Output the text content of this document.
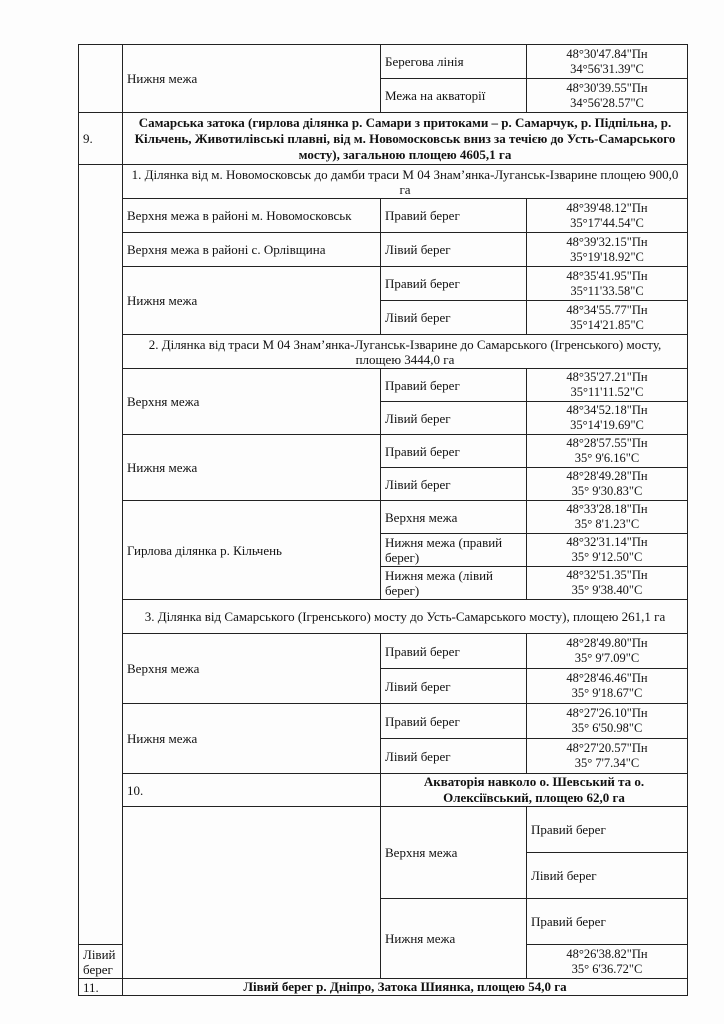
	Нижня межа	Берегова лінія	48°30'47.84"Пн
34°56'31.39"С	

		Межа на акваторії	48°30'39.55"Пн
34°56'28.57"С	

9.	Самарська затока (гирлова ділянка р. Самари з притоками – р. Самарчук, р. Підпільна, р. Кільчень, Животилівські плавні, від м. Новомосковськ вниз за течією до Усть-Самарського мосту), загальною площею 4605,1 га			
	1. Ділянка від м. Новомосковськ до дамби траси М 04 Знам’янка-Луганськ-Ізварине площею 900,0 га			
	Верхня межа в районі м. Новомосковськ	Правий берег	48°39'48.12"Пн
35°17'44.54"С	

	Верхня межа в районі с. Орлівщина	Лівий берег	48°39'32.15"Пн
35°19'18.92"С	

	Нижня межа	Правий берег	48°35'41.95"Пн
35°11'33.58"С	

		Лівий берег	48°34'55.77"Пн
35°14'21.85"С	

	2. Ділянка від траси М 04 Знам’янка-Луганськ-Ізварине до Самарського (Ігренського) мосту, площею 3444,0 га			
	Верхня межа	Правий берег	48°35'27.21"Пн
35°11'11.52"С	

		Лівий берег	48°34'52.18"Пн
35°14'19.69"С	

	Нижня межа	Правий берег	48°28'57.55"Пн
35° 9'6.16"С	

		Лівий берег	48°28'49.28"Пн
35° 9'30.83"С	

	Гирлова ділянка р. Кільчень	Верхня межа	48°33'28.18"Пн
35° 8'1.23"С	

		Нижня межа (правий берег)	48°32'31.14"Пн
35° 9'12.50"С	

		Нижня межа (лівий берег)	48°32'51.35"Пн
35° 9'38.40"С	

	3. Ділянка від Самарського (Ігренського) мосту до Усть-Самарського мосту), площею 261,1 га			
	Верхня межа	Правий берег	48°28'49.80"Пн
35° 9'7.09"С	

		Лівий берег	48°28'46.46"Пн
35° 9'18.67"С	

	Нижня межа	Правий берег	48°27'26.10"Пн
35° 6'50.98"С	

		Лівий берег	48°27'20.57"Пн
35° 7'7.34"С	

	10.	Акваторія навколо о. Шевський та о. Олексіївський, площею 62,0 га		
		Верхня межа	Правий берег	

			Лівий берег	

		Нижня межа	Правий берег	

Лівий берег			48°26'38.82"Пн
35° 6'36.72"С	

11.	Лівий берег р. Дніпро, Затока Шиянка, площею 54,0 га			
